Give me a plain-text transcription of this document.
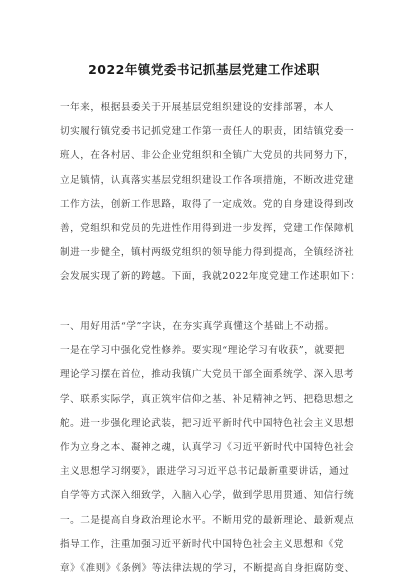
2022年镇党委书记抓基层党建工作述职
一年来，根据县委关于开展基层党组织建设的安排部署，本人
切实履行镇党委书记抓党建工作第一责任人的职责，团结镇党委一
班人，在各村居、非公企业党组织和全镇广大党员的共同努力下，
立足镇情，认真落实基层党组织建设工作各项措施，不断改进党建
工作方法，创新工作思路，取得了一定成效。党的自身建设得到改
善，党组织和党员的先进性作用得到进一步发挥，党建工作保障机
制进一步健全，镇村两级党组织的领导能力得到提高，全镇经济社
会发展实现了新的跨越。下面，我就2022年度党建工作述职如下：
一、用好用活“学”字诀，在夯实真学真懂这个基础上不动摇。
一是在学习中强化党性修养。要实现“理论学习有收获”，就要把
理论学习摆在首位，推动我镇广大党员干部全面系统学、深入思考
学、联系实际学，真正筑牢信仰之基、补足精神之钙、把稳思想之
舵。进一步强化理论武装，把习近平新时代中国特色社会主义思想
作为立身之本、凝神之魂，认真学习《习近平新时代中国特色社会
主义思想学习纲要》，跟进学习习近平总书记最新重要讲话，通过
自学等方式深入细致学，入脑入心学，做到学思用贯通、知信行统
一。二是提高自身政治理论水平。不断用党的最新理论、最新观点
指导工作，注重加强习近平新时代中国特色社会主义思想和《党
章》《准则》《条例》等法律法规的学习，不断提高自身拒腐防变、
